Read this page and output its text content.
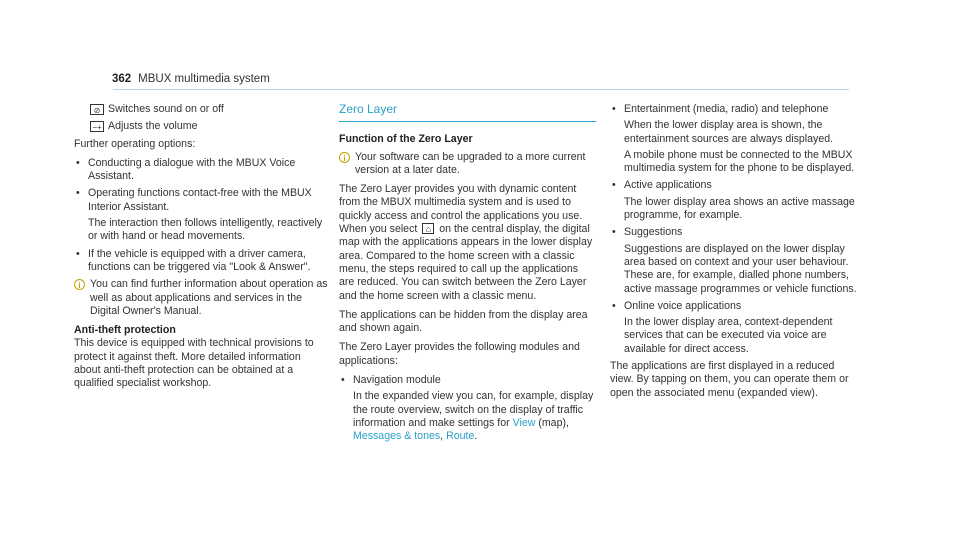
362 MBUX multimedia system
⊘ Switches sound on or off
−+ Adjusts the volume

Further operating options:

• Conducting a dialogue with the MBUX Voice Assistant.
• Operating functions contact-free with the MBUX Interior Assistant.
The interaction then follows intelligently, reactively or with hand or head movements.
• If the vehicle is equipped with a driver camera, functions can be triggered via "Look & Answer".
i You can find further information about operation as well as about applications and services in the Digital Owner's Manual.
Anti-theft protection

This device is equipped with technical provisions to protect it against theft. More detailed information about anti-theft protection can be obtained at a qualified specialist workshop.

Zero Layer
Function of the Zero Layer
i Your software can be upgraded to a more current version at a later date.

The Zero Layer provides you with dynamic content from the MBUX multimedia system and is used to quickly access and control the applications you use. When you select ⌂ on the central display, the digital map with the applications appears in the lower display area. Compared to the home screen with a classic menu, the steps required to call up the applications are reduced. You can switch between the Zero Layer and the home screen with a classic menu.

The applications can be hidden from the display area and shown again.

The Zero Layer provides the following modules and applications:

• Navigation module
In the expanded view you can, for example, display the route overview, switch on the display of traffic information and make settings for View (map), Messages & tones, Route.
• Entertainment (media, radio) and telephone
When the lower display area is shown, the entertainment sources are always displayed.
A mobile phone must be connected to the MBUX multimedia system for the phone to be displayed.
• Active applications
The lower display area shows an active massage programme, for example.
• Suggestions
Suggestions are displayed on the lower display area based on context and your user behaviour. These are, for example, dialled phone numbers, active massage programmes or vehicle functions.
• Online voice applications
In the lower display area, context-dependent services that can be executed via voice are available for direct access.

The applications are first displayed in a reduced view. By tapping on them, you can operate them or open the associated menu (expanded view).
